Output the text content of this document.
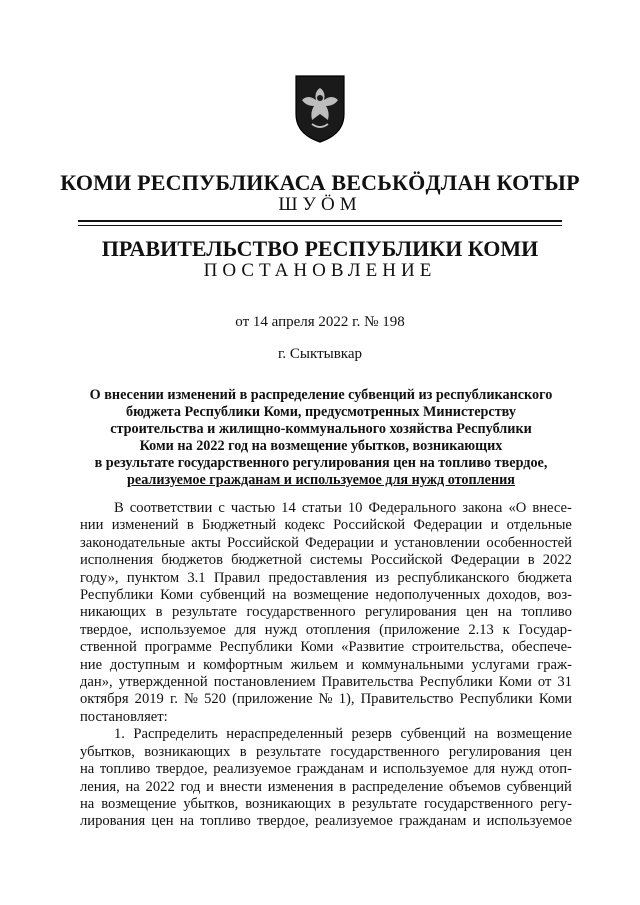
КОМИ РЕСПУБЛИКАСА ВЕСЬКӦДЛАН КОТЫР
ШУӦМ
ПРАВИТЕЛЬСТВО РЕСПУБЛИКИ КОМИ
ПОСТАНОВЛЕНИЕ
от 14 апреля 2022 г. № 198
г. Сыктывкар
О внесении изменений в распределение субвенций из республиканского
бюджета Республики Коми, предусмотренных Министерству
строительства и жилищно-коммунального хозяйства Республики
Коми на 2022 год на возмещение убытков, возникающих
в результате государственного регулирования цен на топливо твердое,
реализуемое гражданам и используемое для нужд отопления
В соответствии с частью 14 статьи 10 Федерального закона «О внесе-
нии изменений в Бюджетный кодекс Российской Федерации и отдельные
законодательные акты Российской Федерации и установлении особенностей
исполнения бюджетов бюджетной системы Российской Федерации в 2022
году», пунктом 3.1 Правил предоставления из республиканского бюджета
Республики Коми субвенций на возмещение недополученных доходов, воз-
никающих в результате государственного регулирования цен на топливо
твердое, используемое для нужд отопления (приложение 2.13 к Государ-
ственной программе Республики Коми «Развитие строительства, обеспече-
ние доступным и комфортным жильем и коммунальными услугами граж-
дан», утвержденной постановлением Правительства Республики Коми от 31
октября 2019 г. № 520 (приложение № 1), Правительство Республики Коми
постановляет:
1. Распределить нераспределенный резерв субвенций на возмещение
убытков, возникающих в результате государственного регулирования цен
на топливо твердое, реализуемое гражданам и используемое для нужд отоп-
ления, на 2022 год и внести изменения в распределение объемов субвенций
на возмещение убытков, возникающих в результате государственного регу-
лирования цен на топливо твердое, реализуемое гражданам и используемое
